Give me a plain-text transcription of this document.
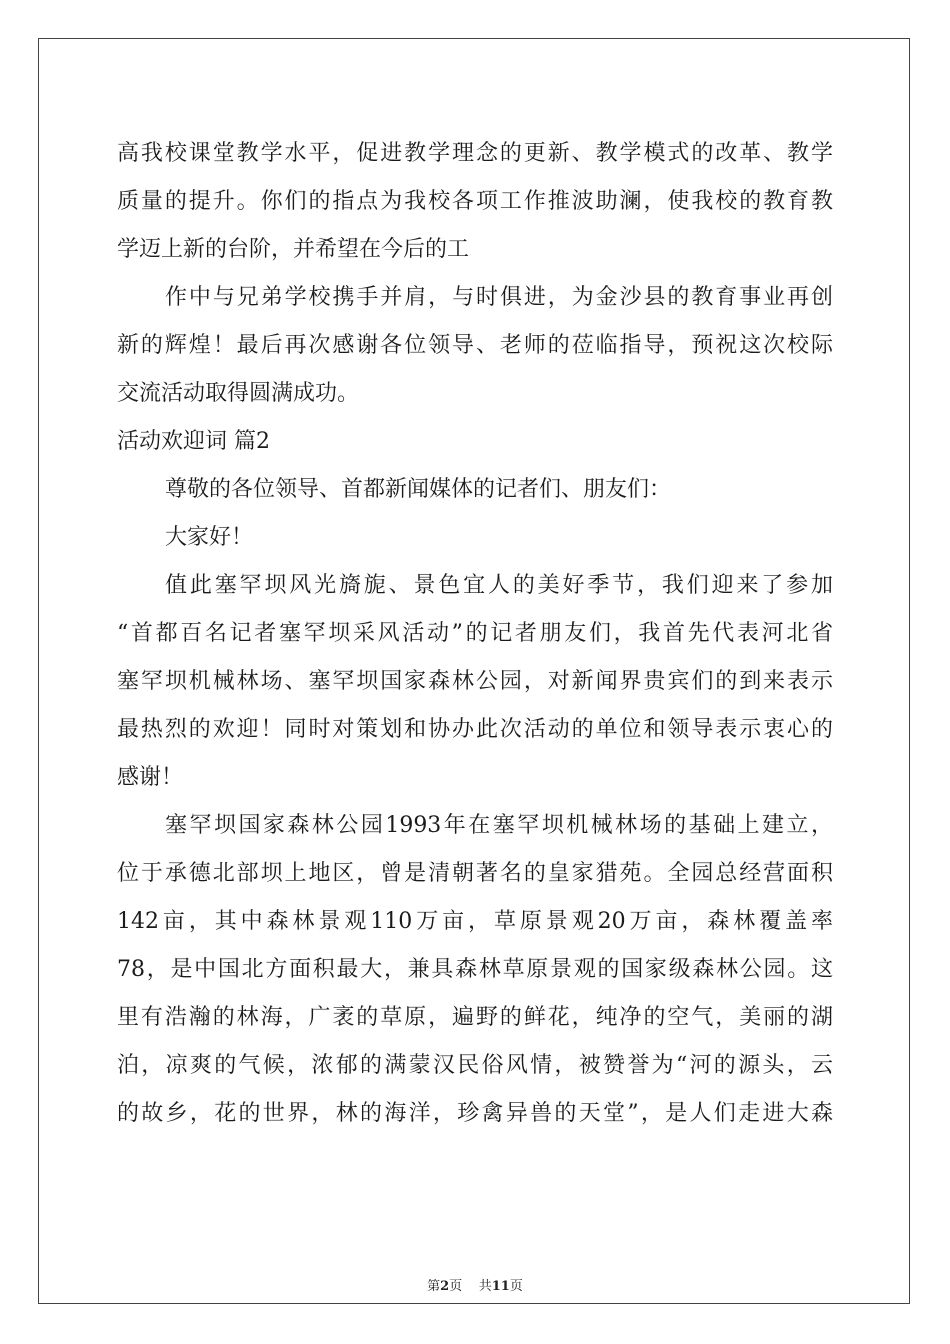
高我校课堂教学水平，促进教学理念的更新、教学模式的改革、教学
质量的提升。你们的指点为我校各项工作推波助澜，使我校的教育教
学迈上新的台阶，并希望在今后的工
作中与兄弟学校携手并肩，与时俱进，为金沙县的教育事业再创
新的辉煌！最后再次感谢各位领导、老师的莅临指导，预祝这次校际
交流活动取得圆满成功。
活动欢迎词 篇2
尊敬的各位领导、首都新闻媒体的记者们、朋友们：
大家好！
值此塞罕坝风光旖旎、景色宜人的美好季节，我们迎来了参加
“首都百名记者塞罕坝采风活动”的记者朋友们，我首先代表河北省
塞罕坝机械林场、塞罕坝国家森林公园，对新闻界贵宾们的到来表示
最热烈的欢迎！同时对策划和协办此次活动的单位和领导表示衷心的
感谢！
塞罕坝国家森林公园1993年在塞罕坝机械林场的基础上建立，
位于承德北部坝上地区，曾是清朝著名的皇家猎苑。全园总经营面积
142亩，其中森林景观110万亩，草原景观20万亩，森林覆盖率
78，是中国北方面积最大，兼具森林草原景观的国家级森林公园。这
里有浩瀚的林海，广袤的草原，遍野的鲜花，纯净的空气，美丽的湖
泊，凉爽的气候，浓郁的满蒙汉民俗风情，被赞誉为“河的源头，云
的故乡，花的世界，林的海洋，珍禽异兽的天堂”，是人们走进大森
第2页 共11页
